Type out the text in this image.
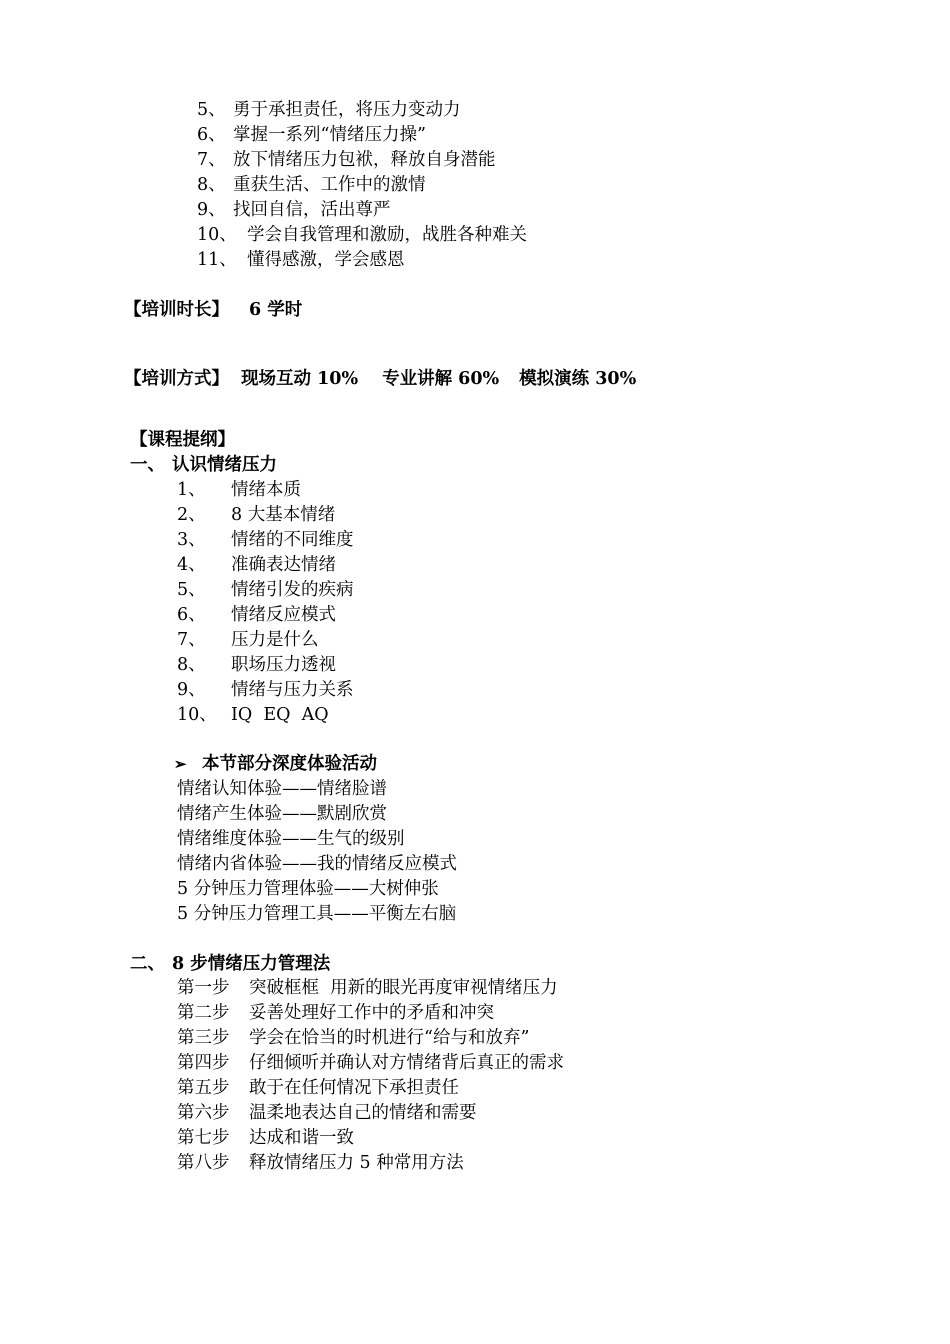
5、 勇于承担责任，将压力变动力
6、 掌握一系列“情绪压力操”
7、 放下情绪压力包袱，释放自身潜能
8、 重获生活、工作中的激情
9、 找回自信，活出尊严
10、 学会自我管理和激励，战胜各种难关
11、 懂得感激，学会感恩
【培训时长】 6 学时
【培训方式】 现场互动 10% 专业讲解 60% 模拟演练 30%
【课程提纲】
一、 认识情绪压力
1、 情绪本质
2、 8 大基本情绪
3、 情绪的不同维度
4、 准确表达情绪
5、 情绪引发的疾病
6、 情绪反应模式
7、 压力是什么
8、 职场压力透视
9、 情绪与压力关系
10、 IQ  EQ  AQ
➢ 本节部分深度体验活动
情绪认知体验——情绪脸谱
情绪产生体验——默剧欣赏
情绪维度体验——生气的级别
情绪内省体验——我的情绪反应模式
5 分钟压力管理体验——大树伸张
5 分钟压力管理工具——平衡左右脑
二、 8 步情绪压力管理法
第一步 突破框框  用新的眼光再度审视情绪压力
第二步 妥善处理好工作中的矛盾和冲突
第三步 学会在恰当的时机进行“给与和放弃”
第四步 仔细倾听并确认对方情绪背后真正的需求
第五步 敢于在任何情况下承担责任
第六步 温柔地表达自己的情绪和需要
第七步 达成和谐一致
第八步 释放情绪压力 5 种常用方法
